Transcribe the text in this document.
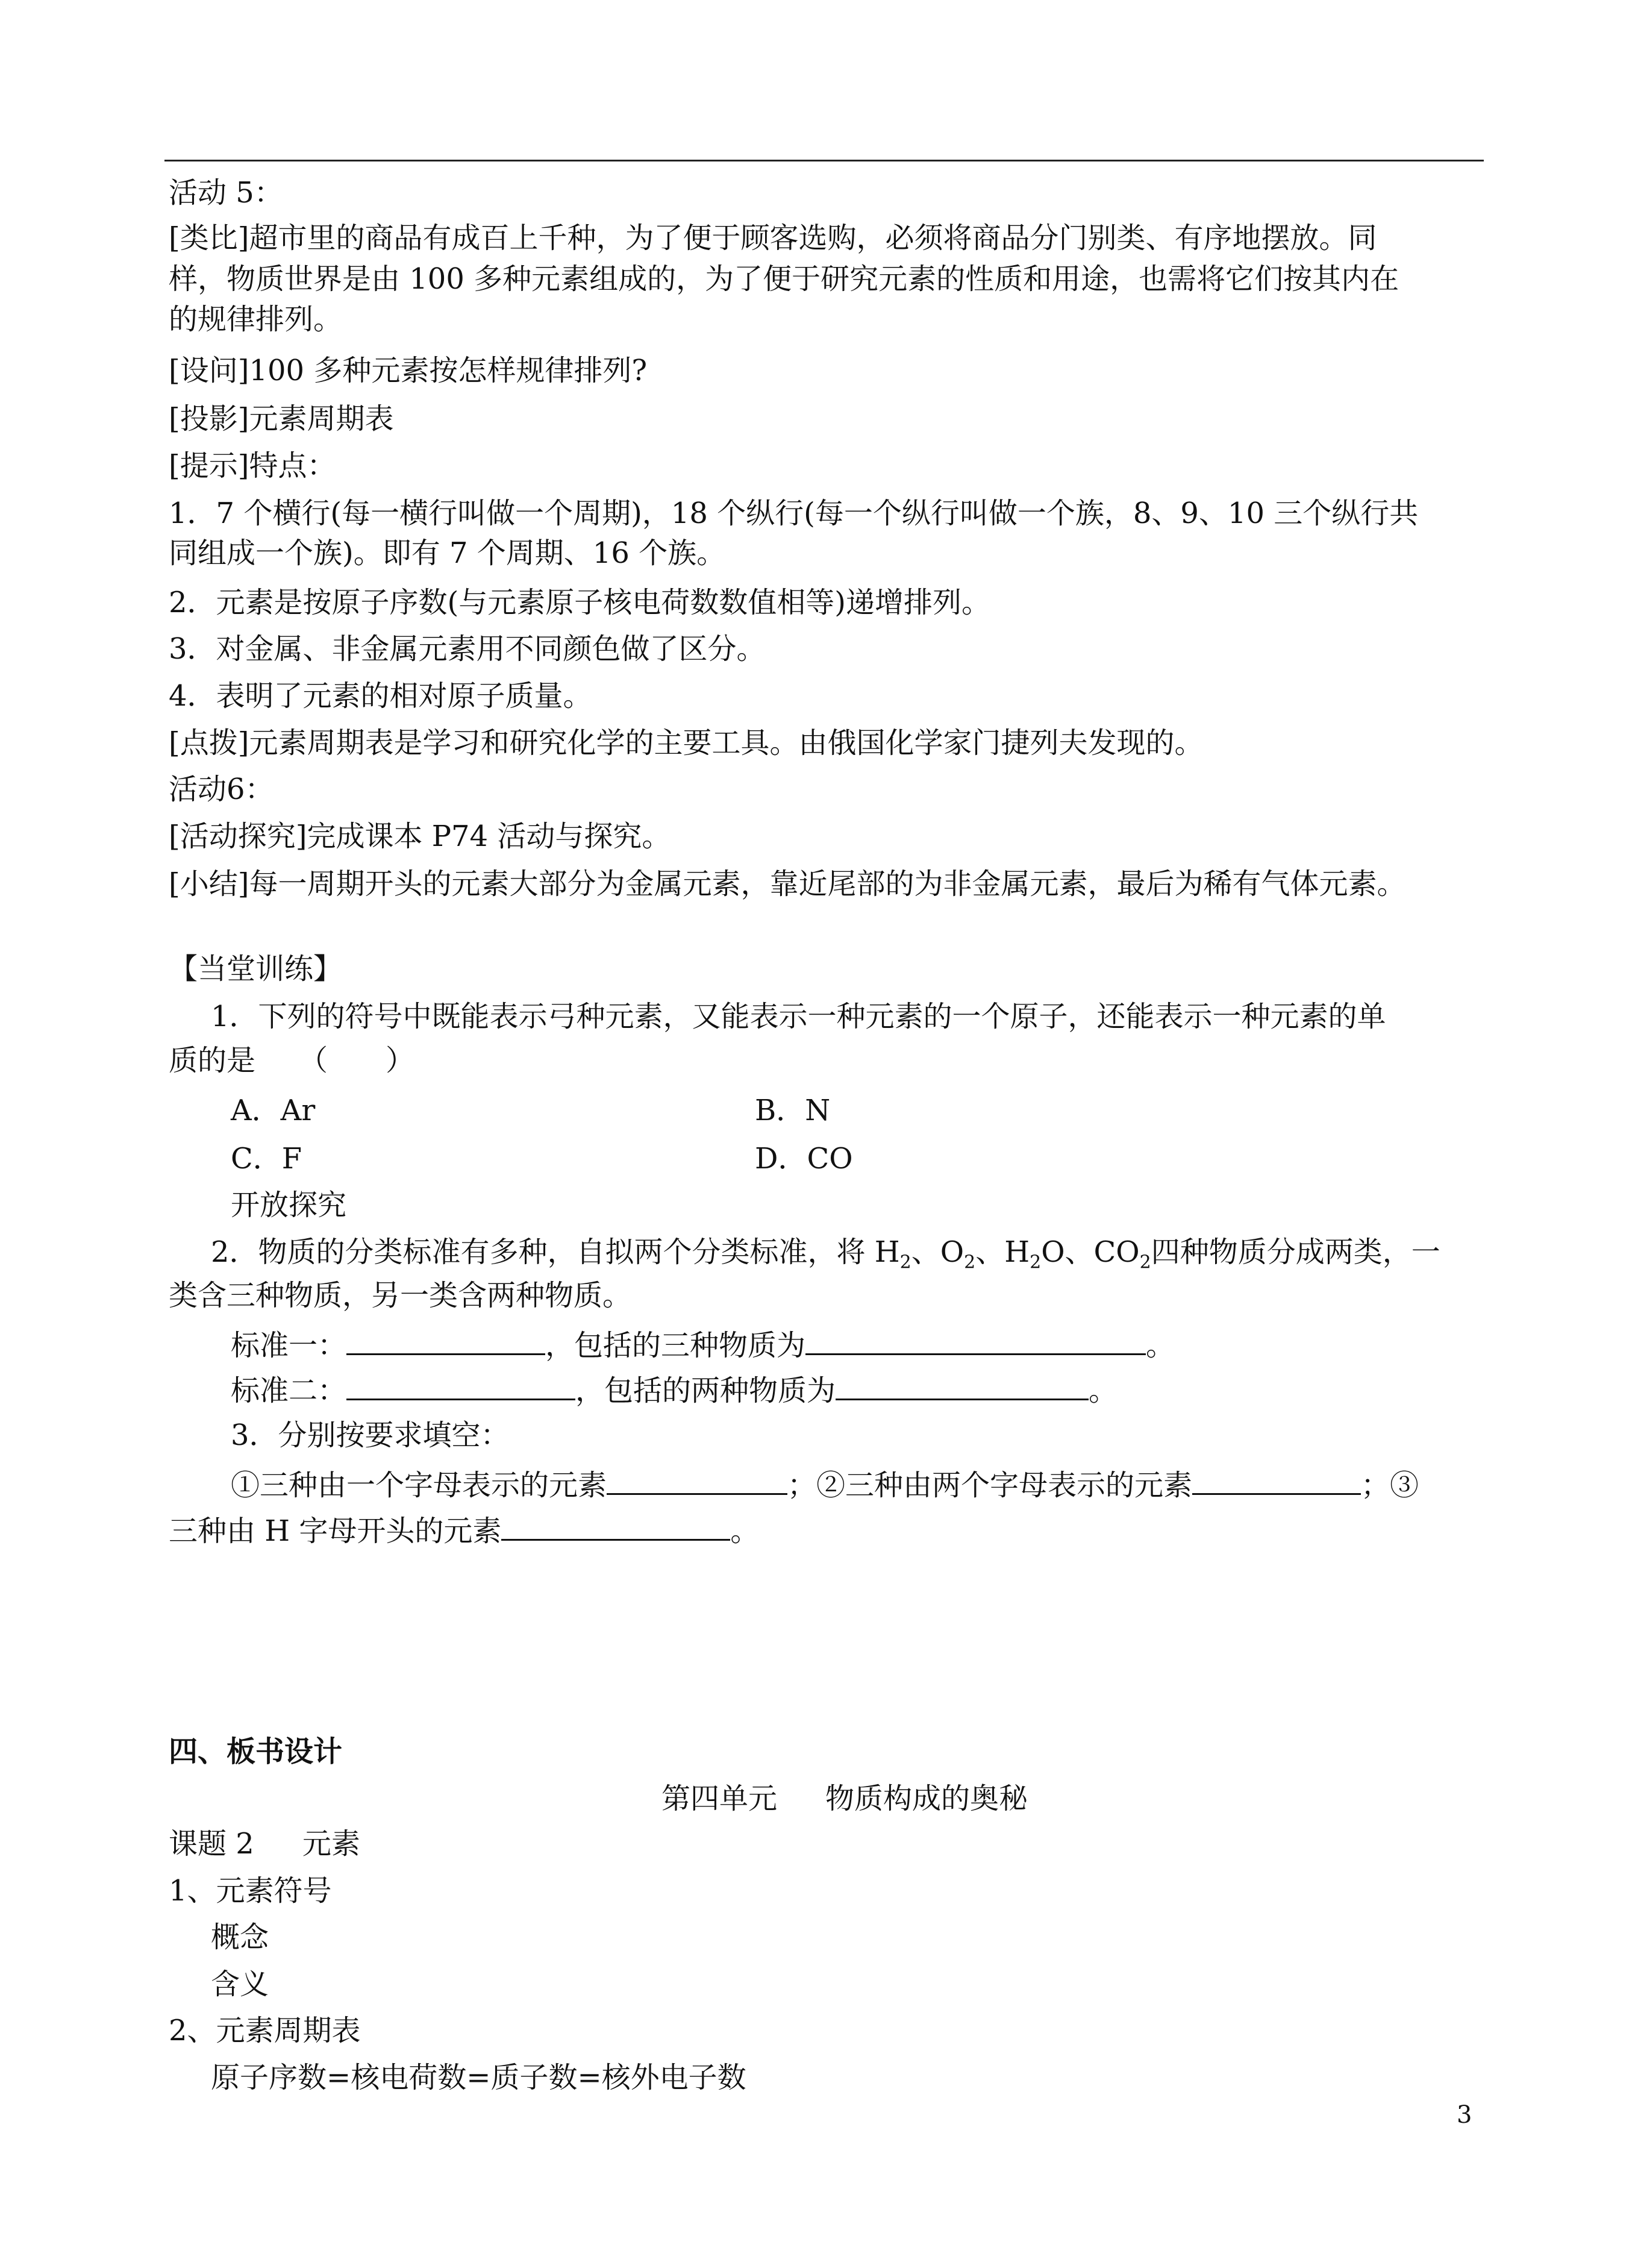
活动 5：
[类比]超市里的商品有成百上千种，为了便于顾客选购，必须将商品分门别类、有序地摆放。同
样，物质世界是由 100 多种元素组成的，为了便于研究元素的性质和用途，也需将它们按其内在
的规律排列。
[设问]100 多种元素按怎样规律排列?
[投影]元素周期表
[提示]特点：
1．7 个横行(每一横行叫做一个周期)，18 个纵行(每一个纵行叫做一个族，8、9、10 三个纵行共
同组成一个族)。即有 7 个周期、16 个族。
2．元素是按原子序数(与元素原子核电荷数数值相等)递增排列。
3．对金属、非金属元素用不同颜色做了区分。
4．表明了元素的相对原子质量。
[点拨]元素周期表是学习和研究化学的主要工具。由俄国化学家门捷列夫发现的。
活动6：
[活动探究]完成课本 P74 活动与探究。
[小结]每一周期开头的元素大部分为金属元素，靠近尾部的为非金属元素，最后为稀有气体元素。
【当堂训练】
1．下列的符号中既能表示弓种元素，又能表示一种元素的一个原子，还能表示一种元素的单
质的是　　（　　）
A．Ar	B．N
C．F	D．CO
开放探究
2．物质的分类标准有多种，自拟两个分类标准，将 $H_2$、$O_2$、$H_2O$、$CO_2$四种物质分成两类，一
类含三种物质，另一类含两种物质。
标准一：	，包括的三种物质为	。
标准二：	，包括的两种物质为	。
3．分别按要求填空：
①三种由一个字母表示的元素	；②三种由两个字母表示的元素	；③
三种由 H 字母开头的元素	。
四、板书设计
第四单元 物质构成的奥秘
课题 2 元素
1、元素符号
概念
含义
2、元素周期表
原子序数=核电荷数=质子数=核外电子数
3
